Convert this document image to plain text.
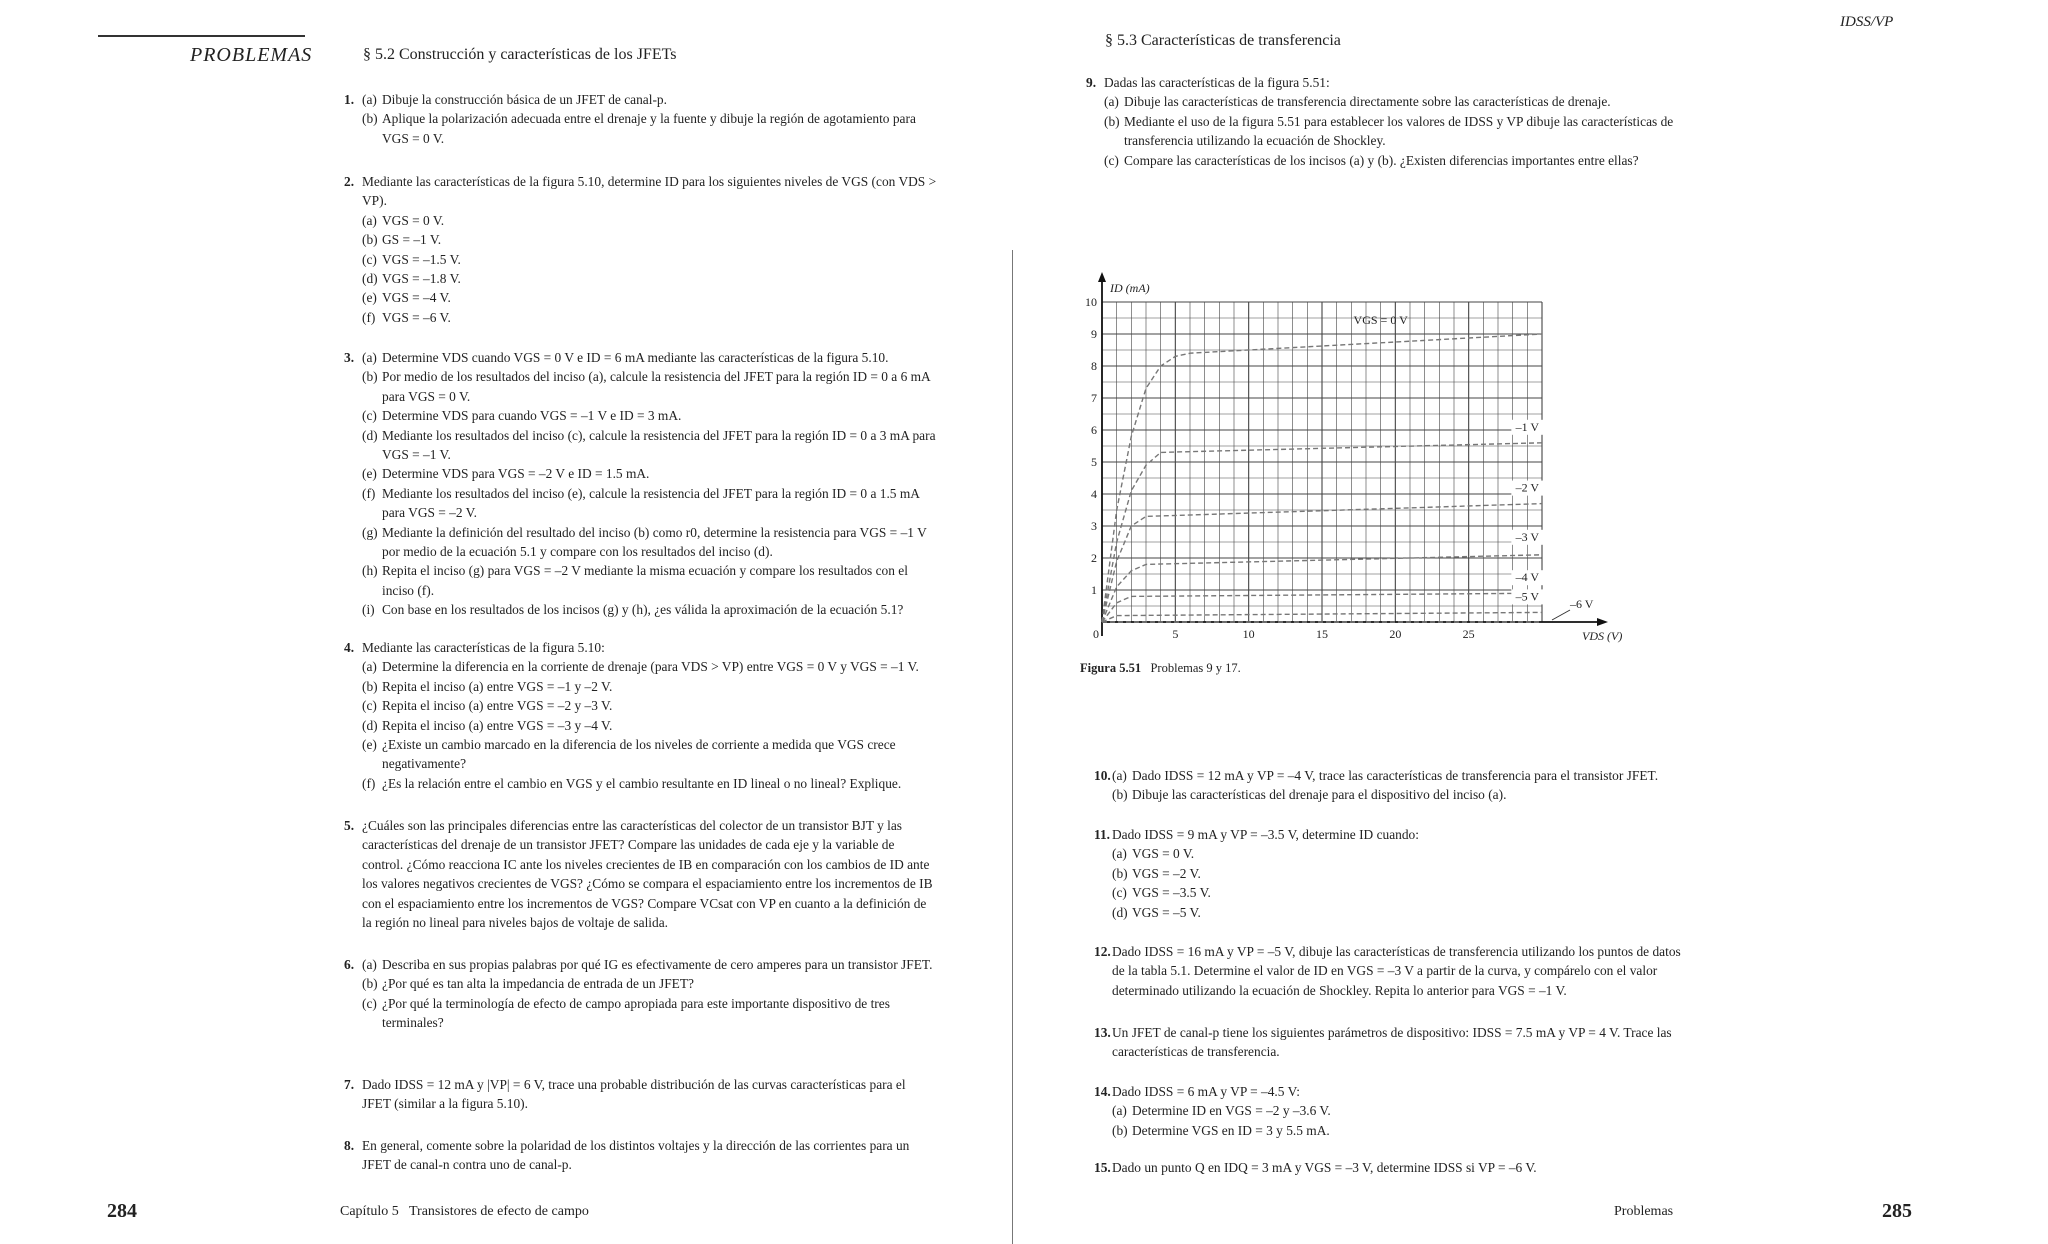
PROBLEMAS	§ 5.2 Construcción y características de los JFETs
1. (a) Dibuje la construcción básica de un JFET de canal-p.
(b) Aplique la polarización adecuada entre el drenaje y la fuente y dibuje la región de agotamiento para VGS = 0 V.
2. Mediante las características de la figura 5.10, determine ID para los siguientes niveles de VGS (con VDS > VP).
(a) VGS = 0 V.
(b) GS = –1 V.
(c) VGS = –1.5 V.
(d) VGS = –1.8 V.
(e) VGS = –4 V.
(f) VGS = –6 V.
3. (a) Determine VDS cuando VGS = 0 V e ID = 6 mA mediante las características de la figura 5.10.
(b) Por medio de los resultados del inciso (a), calcule la resistencia del JFET para la región ID = 0 a 6 mA para VGS = 0 V.
(c) Determine VDS para cuando VGS = –1 V e ID = 3 mA.
(d) Mediante los resultados del inciso (c), calcule la resistencia del JFET para la región ID = 0 a 3 mA para VGS = –1 V.
(e) Determine VDS para VGS = –2 V e ID = 1.5 mA.
(f) Mediante los resultados del inciso (e), calcule la resistencia del JFET para la región ID = 0 a 1.5 mA para VGS = –2 V.
(g) Mediante la definición del resultado del inciso (b) como r0, determine la resistencia para VGS = –1 V por medio de la ecuación 5.1 y compare con los resultados del inciso (d).
(h) Repita el inciso (g) para VGS = –2 V mediante la misma ecuación y compare los resultados con el inciso (f).
(i) Con base en los resultados de los incisos (g) y (h), ¿es válida la aproximación de la ecuación 5.1?
4. Mediante las características de la figura 5.10:
(a) Determine la diferencia en la corriente de drenaje (para VDS > VP) entre VGS = 0 V y VGS = –1 V.
(b) Repita el inciso (a) entre VGS = –1 y –2 V.
(c) Repita el inciso (a) entre VGS = –2 y –3 V.
(d) Repita el inciso (a) entre VGS = –3 y –4 V.
(e) ¿Existe un cambio marcado en la diferencia de los niveles de corriente a medida que VGS crece negativamente?
(f) ¿Es la relación entre el cambio en VGS y el cambio resultante en ID lineal o no lineal? Explique.
5. ¿Cuáles son las principales diferencias entre las características del colector de un transistor BJT y las características del drenaje de un transistor JFET? Compare las unidades de cada eje y la variable de control. ¿Cómo reacciona IC ante los niveles crecientes de IB en comparación con los cambios de ID ante los valores negativos crecientes de VGS? ¿Cómo se compara el espaciamiento entre los incrementos de IB con el espaciamiento entre los incrementos de VGS? Compare VCsat con VP en cuanto a la definición de la región no lineal para niveles bajos de voltaje de salida.
6. (a) Describa en sus propias palabras por qué IG es efectivamente de cero amperes para un transistor JFET.
(b) ¿Por qué es tan alta la impedancia de entrada de un JFET?
(c) ¿Por qué la terminología de efecto de campo apropiada para este importante dispositivo de tres terminales?
7. Dado IDSS = 12 mA y |VP| = 6 V, trace una probable distribución de las curvas características para el JFET (similar a la figura 5.10).
8. En general, comente sobre la polaridad de los distintos voltajes y la dirección de las corrientes para un JFET de canal-n contra uno de canal-p.
284	Capítulo 5   Transistores de efecto de campo
§ 5.3 Características de transferencia
IDSS/VP
9. Dadas las características de la figura 5.51:
(a) Dibuje las características de transferencia directamente sobre las características de drenaje.
(b) Mediante el uso de la figura 5.51 para establecer los valores de IDSS y VP dibuje las características de transferencia utilizando la ecuación de Shockley.
(c) Compare las características de los incisos (a) y (b). ¿Existen diferencias importantes entre ellas?
1
2
3
4
5
6
7
8
9
10
0	5	10	15	20	25
ID (mA)
VDS (V)
VGS = 0 V
–1 V
–2 V
–3 V
–4 V
–5 V
–6 V
Figura 5.51 Problemas 9 y 17.
10. (a) Dado IDSS = 12 mA y VP = –4 V, trace las características de transferencia para el transistor JFET.
(b) Dibuje las características del drenaje para el dispositivo del inciso (a).
11. Dado IDSS = 9 mA y VP = –3.5 V, determine ID cuando:
(a) VGS = 0 V.
(b) VGS = –2 V.
(c) VGS = –3.5 V.
(d) VGS = –5 V.
12. Dado IDSS = 16 mA y VP = –5 V, dibuje las características de transferencia utilizando los puntos de datos de la tabla 5.1. Determine el valor de ID en VGS = –3 V a partir de la curva, y compárelo con el valor determinado utilizando la ecuación de Shockley. Repita lo anterior para VGS = –1 V.
13. Un JFET de canal-p tiene los siguientes parámetros de dispositivo: IDSS = 7.5 mA y VP = 4 V. Trace las características de transferencia.
14. Dado IDSS = 6 mA y VP = –4.5 V:
(a) Determine ID en VGS = –2 y –3.6 V.
(b) Determine VGS en ID = 3 y 5.5 mA.
15. Dado un punto Q en IDQ = 3 mA y VGS = –3 V, determine IDSS si VP = –6 V.
Problemas	285
